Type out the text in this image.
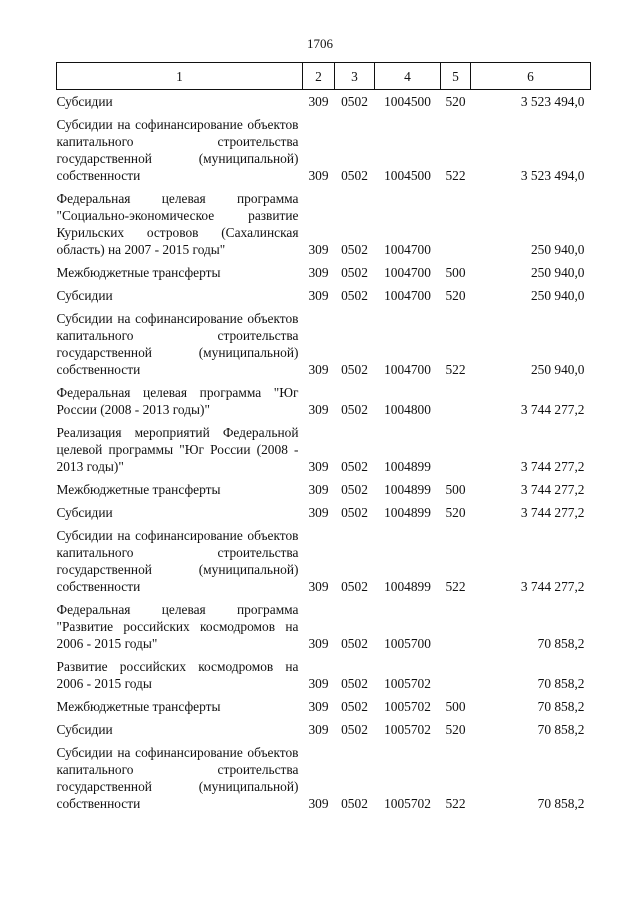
1706
1	2	3	4	5	6
Субсидии	309	0502	1004500	520	3 523 494,0
Субсидии на софинансирование объектов капитального строительства государственной (муниципальной) собственности	309	0502	1004500	522	3 523 494,0
Федеральная целевая программа "Социально-экономическое развитие Курильских островов (Сахалинская область) на 2007 - 2015 годы"	309	0502	1004700		250 940,0
Межбюджетные трансферты	309	0502	1004700	500	250 940,0
Субсидии	309	0502	1004700	520	250 940,0
Субсидии на софинансирование объектов капитального строительства государственной (муниципальной) собственности	309	0502	1004700	522	250 940,0
Федеральная целевая программа "Юг России (2008 - 2013 годы)"	309	0502	1004800		3 744 277,2
Реализация мероприятий Федеральной целевой программы "Юг России (2008 - 2013 годы)"	309	0502	1004899		3 744 277,2
Межбюджетные трансферты	309	0502	1004899	500	3 744 277,2
Субсидии	309	0502	1004899	520	3 744 277,2
Субсидии на софинансирование объектов капитального строительства государственной (муниципальной) собственности	309	0502	1004899	522	3 744 277,2
Федеральная целевая программа "Развитие российских космодромов на 2006 - 2015 годы"	309	0502	1005700		70 858,2
Развитие российских космодромов на 2006 - 2015 годы	309	0502	1005702		70 858,2
Межбюджетные трансферты	309	0502	1005702	500	70 858,2
Субсидии	309	0502	1005702	520	70 858,2
Субсидии на софинансирование объектов капитального строительства государственной (муниципальной) собственности	309	0502	1005702	522	70 858,2
